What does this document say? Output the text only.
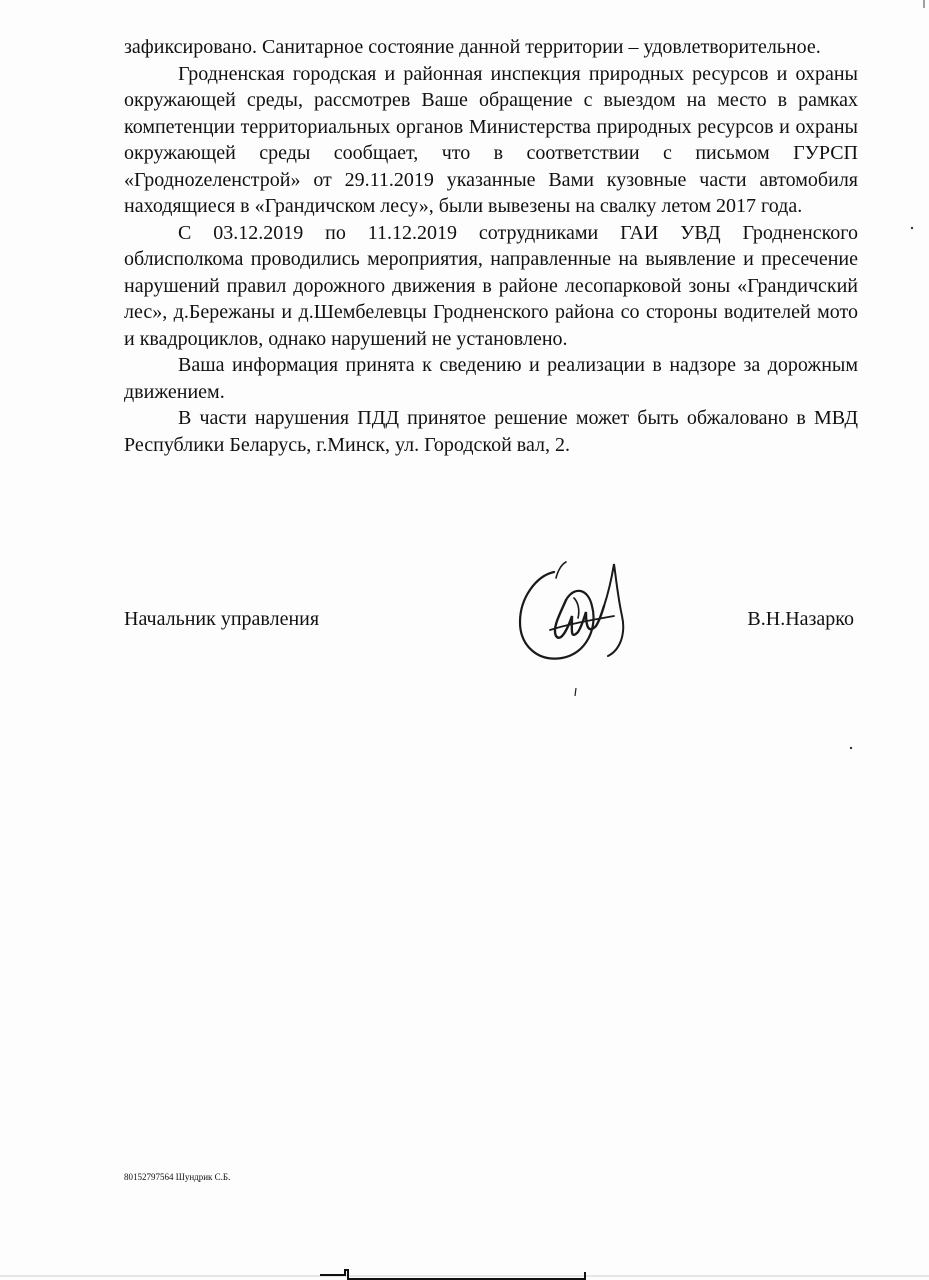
зафиксировано. Санитарное состояние данной территории – удовлетворительное.

Гродненская городская и районная инспекция природных ресурсов и охраны окружающей среды, рассмотрев Ваше обращение с выездом на место в рамках компетенции территориальных органов Министерства природных ресурсов и охраны окружающей среды сообщает, что в соответствии с письмом ГУРСП «Гродноzеленстрой» от 29.11.2019 указанные Вами кузовные части автомобиля находящиеся в «Грандичском лесу», были вывезены на свалку летом 2017 года.

С 03.12.2019 по 11.12.2019 сотрудниками ГАИ УВД Гродненского облисполкома проводились мероприятия, направленные на выявление и пресечение нарушений правил дорожного движения в районе лесопарковой зоны «Грандичский лес», д.Бережаны и д.Шембелевцы Гродненского района со стороны водителей мото и квадроциклов, однако нарушений не установлено.

Ваша информация принята к сведению и реализации в надзоре за дорожным движением.

В части нарушения ПДД принятое решение может быть обжаловано в МВД Республики Беларусь, г.Минск, ул. Городской вал, 2.

Начальник управления	В.Н.Назарко
80152797564 Шундрик С.Б.
